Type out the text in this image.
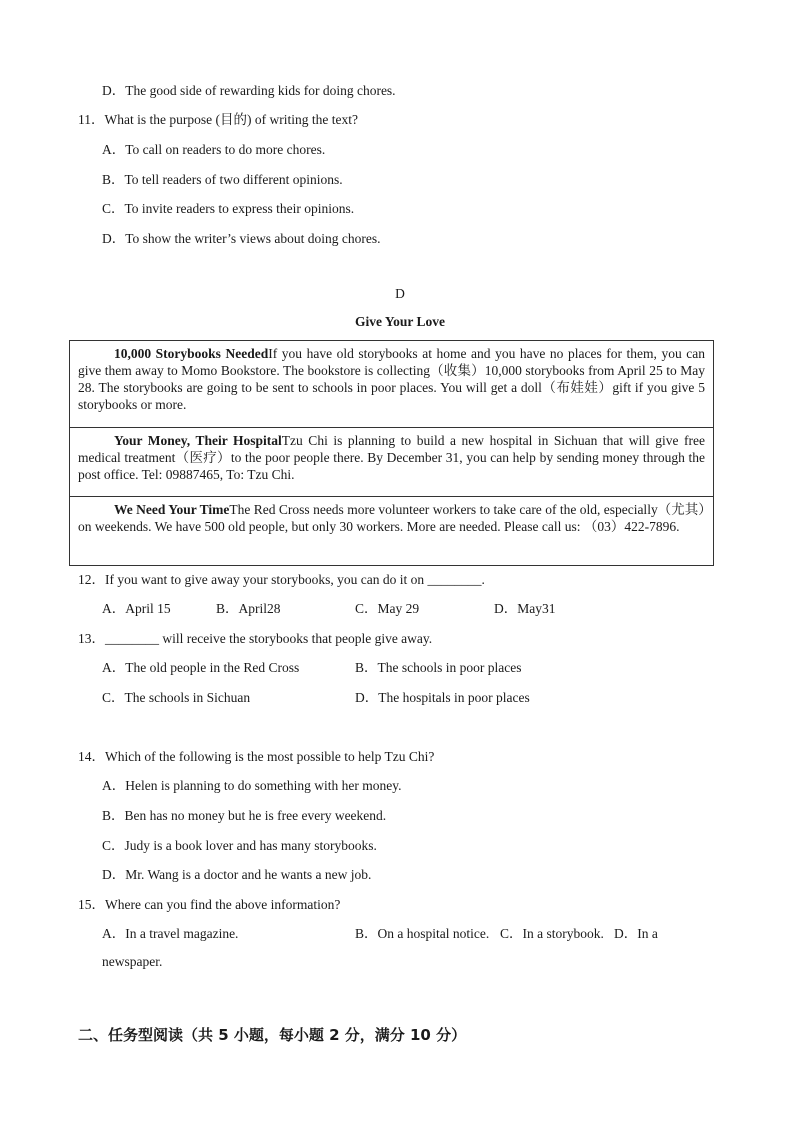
D．The good side of rewarding kids for doing chores.
11．What is the purpose (目的) of writing the text?
A．To call on readers to do more chores.
B．To tell readers of two different opinions.
C．To invite readers to express their opinions.
D．To show the writer’s views about doing chores.
D
Give Your Love
10,000 Storybooks NeededIf you have old storybooks at home and you have no places for them, you can give them away to Momo Bookstore. The bookstore is collecting（收集）10,000 storybooks from April 25 to May 28. The storybooks are going to be sent to schools in poor places. You will get a doll（布娃娃）gift if you give 5 storybooks or more.
Your Money, Their HospitalTzu Chi is planning to build a new hospital in Sichuan that will give free medical treatment（医疗）to the poor people there. By December 31, you can help by sending money through the post office. Tel: 09887465, To: Tzu Chi.
We Need Your TimeThe Red Cross needs more volunteer workers to take care of the old, especially（尤其）on weekends. We have 500 old people, but only 30 workers. More are needed. Please call us: （03）422-7896.
12．If you want to give away your storybooks, you can do it on ________.
A．April 15	B．April28	C．May 29	D．May31
13．________ will receive the storybooks that people give away.
A．The old people in the Red Cross	B．The schools in poor places
C．The schools in Sichuan	D．The hospitals in poor places
14．Which of the following is the most possible to help Tzu Chi?
A．Helen is planning to do something with her money.
B．Ben has no money but he is free every weekend.
C．Judy is a book lover and has many storybooks.
D．Mr. Wang is a doctor and he wants a new job.
15．Where can you find the above information?
A．In a travel magazine.	B．On a hospital notice. C．In a storybook. D．In a
newspaper.
二、任务型阅读（共 5 小题，每小题 2 分，满分 10 分）
